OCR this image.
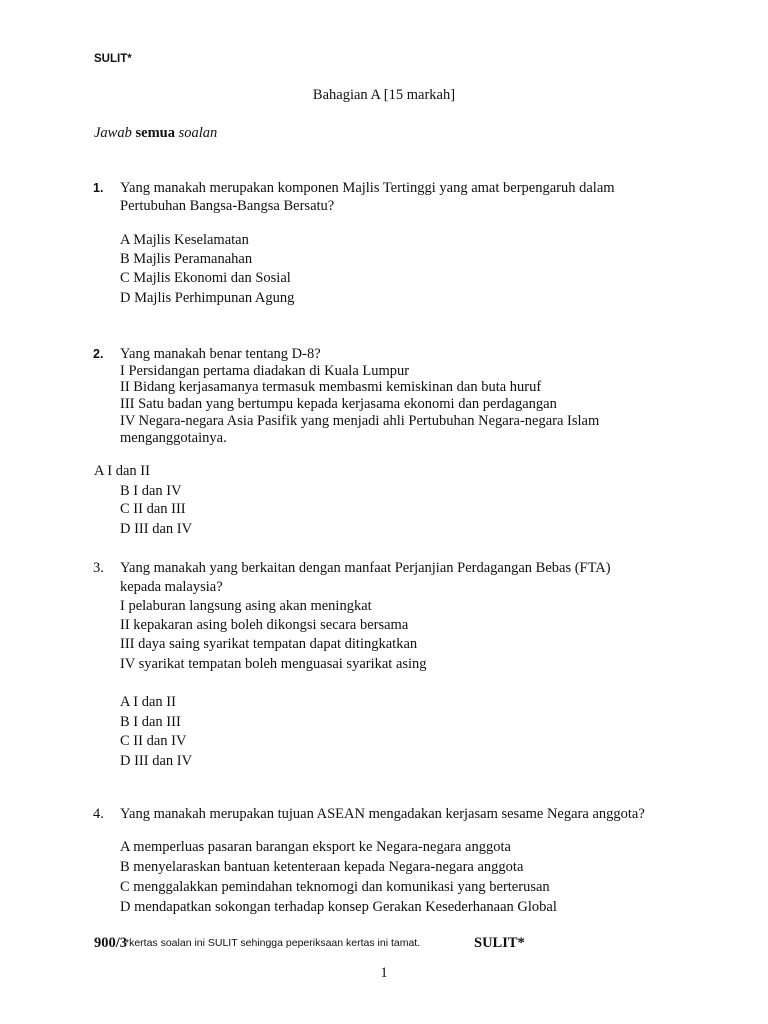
SULIT*
Bahagian A [15 markah]
Jawab semua soalan
1. Yang manakah merupakan komponen Majlis Tertinggi yang amat berpengaruh dalam
Pertubuhan Bangsa-Bangsa Bersatu?
A Majlis Keselamatan
B Majlis Peramanahan
C Majlis Ekonomi dan Sosial
D Majlis Perhimpunan Agung
2. Yang manakah benar tentang D-8?
I Persidangan pertama diadakan di Kuala Lumpur
II Bidang kerjasamanya termasuk membasmi kemiskinan dan buta huruf
III Satu badan yang bertumpu kepada kerjasama ekonomi dan perdagangan
IV Negara-negara Asia Pasifik yang menjadi ahli Pertubuhan Negara-negara Islam
menganggotainya.
A I dan II
B I dan IV
C II dan III
D III dan IV
3. Yang manakah yang berkaitan dengan manfaat Perjanjian Perdagangan Bebas (FTA)
kepada malaysia?
I pelaburan langsung asing akan meningkat
II kepakaran asing boleh dikongsi secara bersama
III daya saing syarikat tempatan dapat ditingkatkan
IV syarikat tempatan boleh menguasai syarikat asing
A I dan II
B I dan III
C II dan IV
D III dan IV
4. Yang manakah merupakan tujuan ASEAN mengadakan kerjasam sesame Negara anggota?
A memperluas pasaran barangan eksport ke Negara-negara anggota
B menyelaraskan bantuan ketenteraan kepada Negara-negara anggota
C menggalakkan pemindahan teknomogi dan komunikasi yang berterusan
D mendapatkan sokongan terhadap konsep Gerakan Kesederhanaan Global
900/3
*kertas soalan ini SULIT sehingga peperiksaan kertas ini tamat.	SULIT*
1
